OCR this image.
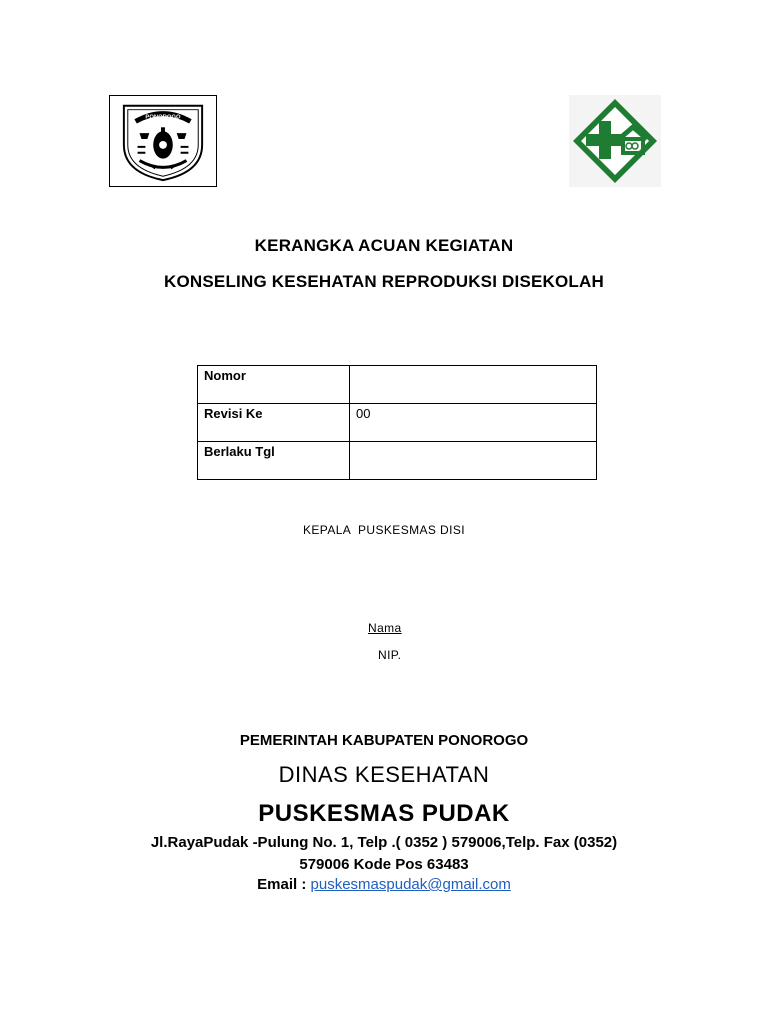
PONOROGO
KERANGKA ACUAN KEGIATAN
KONSELING KESEHATAN REPRODUKSI DISEKOLAH
Nomor	
Revisi Ke	00
Berlaku Tgl	
KEPALA  PUSKESMAS DISI
Nama
NIP.
PEMERINTAH KABUPATEN PONOROGO
DINAS KESEHATAN
PUSKESMAS PUDAK
Jl.RayaPudak -Pulung No. 1, Telp .( 0352 ) 579006,Telp. Fax (0352)
579006 Kode Pos 63483
Email : puskesmaspudak@gmail.com
